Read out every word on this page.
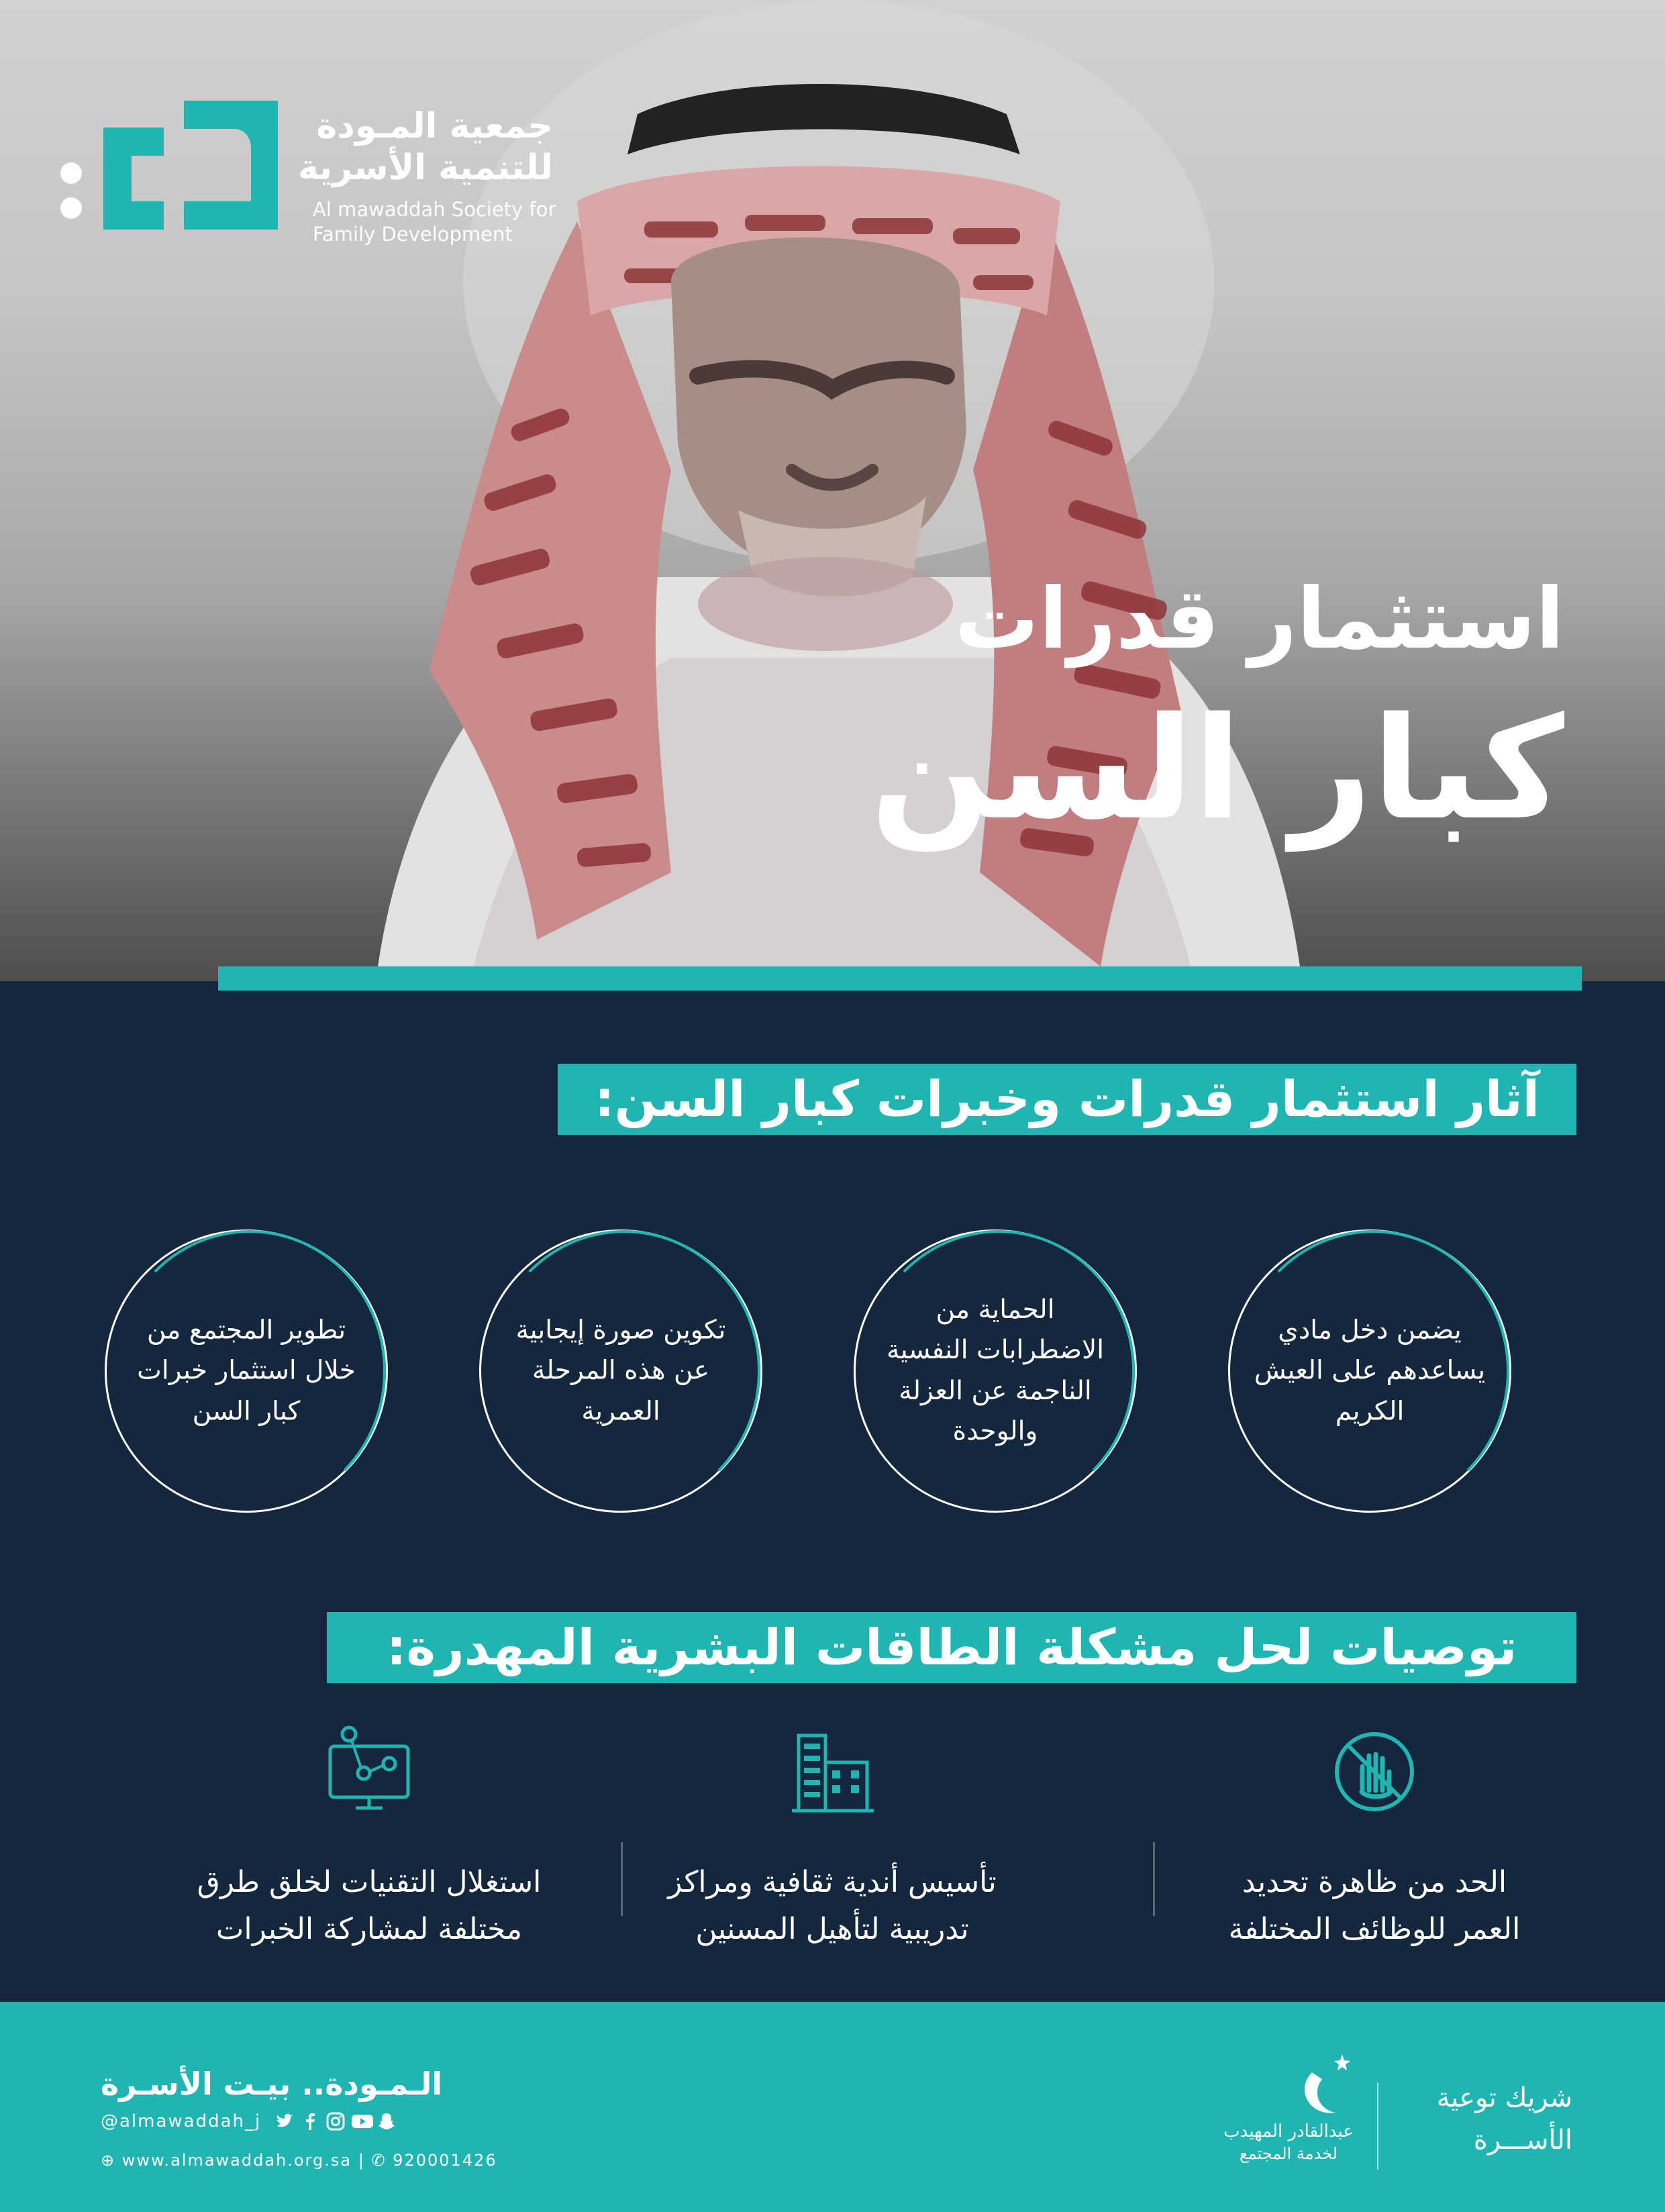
جمعية المـودة
للتنمية الأسرية
Al mawaddah Society for
Family Development
استثمار قدرات
كبار السن
آثار استثمار قدرات وخبرات كبار السن:
يضمن دخل مادي يساعدهم على العيش الكريم
الحماية من الاضطرابات النفسية الناجمة عن العزلة والوحدة
تكوين صورة إيجابية عن هذه المرحلة العمرية
تطوير المجتمع من خلال استثمار خبرات كبار السن
توصيات لحل مشكلة الطاقات البشرية المهدرة:
الحد من ظاهرة تحديد
العمر للوظائف المختلفة
تأسيس أندية ثقافية ومراكز
تدريبية لتأهيل المسنين
استغلال التقنيات لخلق طرق
مختلفة لمشاركة الخبرات
الـمـودة.. بيـت الأسـرة
@almawaddah_j
⊕ www.almawaddah.org.sa | ✆ 920001426
عبدالقادر المهيدب
لخدمة المجتمع
شريك توعية
الأســـرة
